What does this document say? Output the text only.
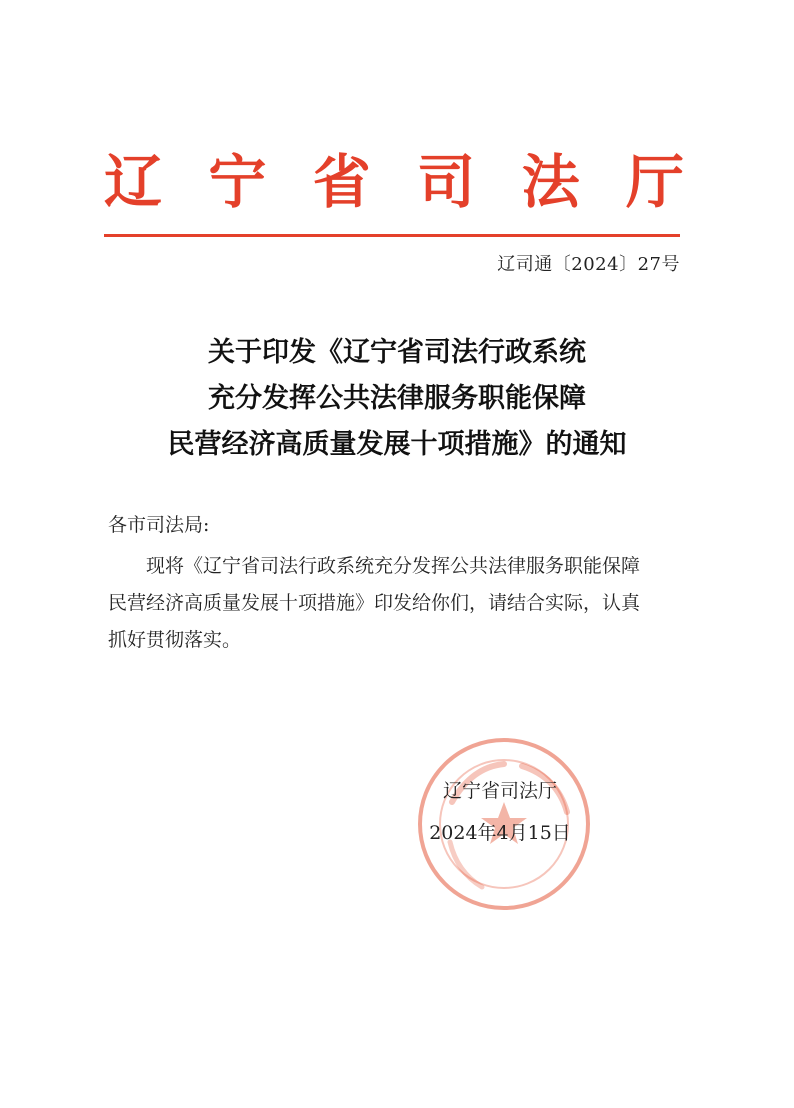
辽 宁 省 司 法 厅
辽司通〔2024〕27号
关于印发《辽宁省司法行政系统
充分发挥公共法律服务职能保障
民营经济高质量发展十项措施》的通知
各市司法局:
现将《辽宁省司法行政系统充分发挥公共法律服务职能保障
民营经济高质量发展十项措施》印发给你们，请结合实际，认真
抓好贯彻落实。
辽宁省司法厅
2024年4月15日
